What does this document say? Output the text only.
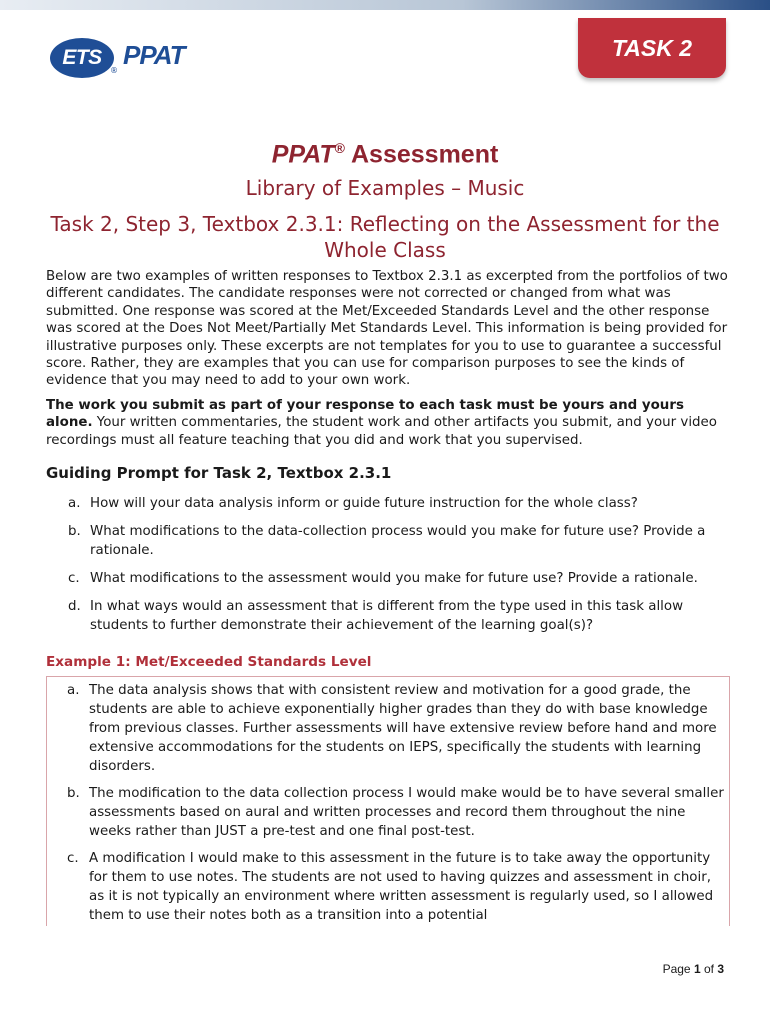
ETS
®
PPAT	TASK 2
PPAT® Assessment
Library of Examples – Music
Task 2, Step 3, Textbox 2.3.1: Reflecting on the Assessment for the Whole Class
Below are two examples of written responses to Textbox 2.3.1 as excerpted from the portfolios of two different candidates. The candidate responses were not corrected or changed from what was submitted. One response was scored at the Met/Exceeded Standards Level and the other response was scored at the Does Not Meet/Partially Met Standards Level. This information is being provided for illustrative purposes only. These excerpts are not templates for you to use to guarantee a successful score. Rather, they are examples that you can use for comparison purposes to see the kinds of evidence that you may need to add to your own work.
The work you submit as part of your response to each task must be yours and yours alone. Your written commentaries, the student work and other artifacts you submit, and your video recordings must all feature teaching that you did and work that you supervised.
Guiding Prompt for Task 2, Textbox 2.3.1
a. How will your data analysis inform or guide future instruction for the whole class?
b. What modifications to the data-collection process would you make for future use? Provide a rationale.
c. What modifications to the assessment would you make for future use? Provide a rationale.
d. In what ways would an assessment that is different from the type used in this task allow students to further demonstrate their achievement of the learning goal(s)?
Example 1: Met/Exceeded Standards Level
a. The data analysis shows that with consistent review and motivation for a good grade, the students are able to achieve exponentially higher grades than they do with base knowledge from previous classes. Further assessments will have extensive review before hand and more extensive accommodations for the students on IEPS, specifically the students with learning disorders.
b. The modification to the data collection process I would make would be to have several smaller assessments based on aural and written processes and record them throughout the nine weeks rather than JUST a pre-test and one final post-test.
c. A modification I would make to this assessment in the future is to take away the opportunity for them to use notes. The students are not used to having quizzes and assessment in choir, as it is not typically an environment where written assessment is regularly used, so I allowed them to use their notes both as a transition into a potential
Page 1 of 3
